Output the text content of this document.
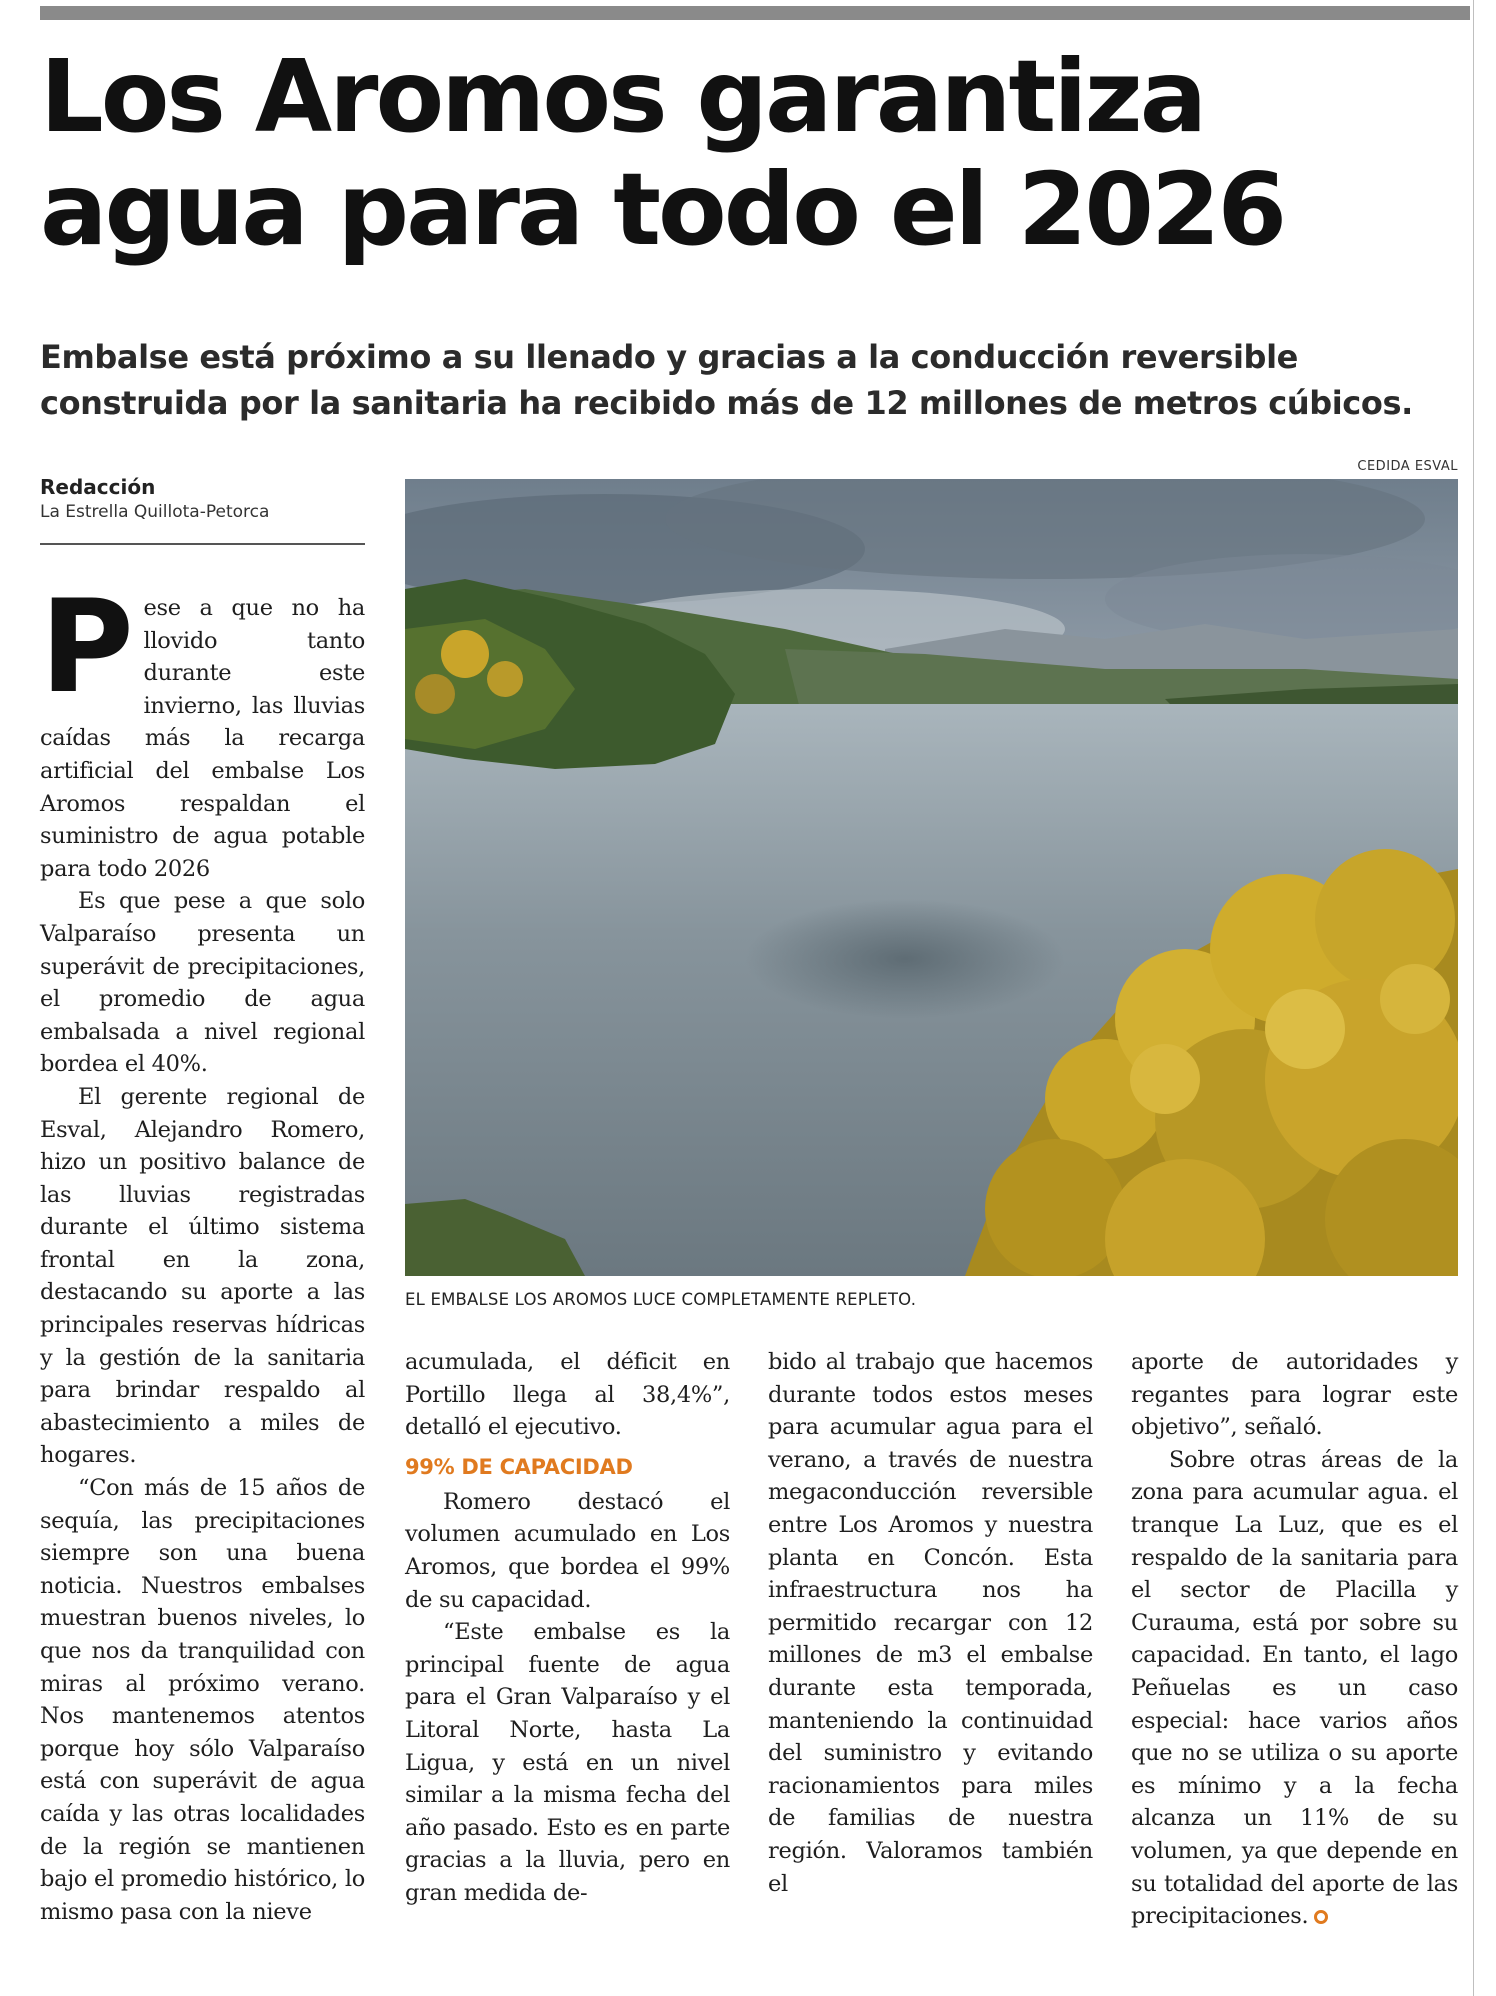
Los Aromos garantiza
agua para todo el 2026

Embalse está próximo a su llenado y gracias a la conducción reversible
construida por la sanitaria ha recibido más de 12 millones de metros cúbicos.

Redacción
La Estrella Quillota-Petorca
CEDIDA ESVAL
EL EMBALSE LOS AROMOS LUCE COMPLETAMENTE REPLETO.

Pese a que no ha llovido tanto durante este invierno, las lluvias caídas más la recarga artificial del embalse Los Aromos respaldan el suministro de agua potable para todo 2026

Es que pese a que solo Valparaíso presenta un superávit de precipitaciones, el promedio de agua embalsada a nivel regional bordea el 40%.

El gerente regional de Esval, Alejandro Romero, hizo un positivo balance de las lluvias registradas durante el último sistema frontal en la zona, destacando su aporte a las principales reservas hídricas y la gestión de la sanitaria para brindar respaldo al abastecimiento a miles de hogares.

“Con más de 15 años de sequía, las precipitaciones siempre son una buena noticia. Nuestros embalses muestran buenos niveles, lo que nos da tranquilidad con miras al próximo verano. Nos mantenemos atentos porque hoy sólo Valparaíso está con superávit de agua caída y las otras localidades de la región se mantienen bajo el promedio histórico, lo mismo pasa con la nieve

acumulada, el déficit en Portillo llega al 38,4%”, detalló el ejecutivo.

99% DE CAPACIDAD

Romero destacó el volumen acumulado en Los Aromos, que bordea el 99% de su capacidad.

“Este embalse es la principal fuente de agua para el Gran Valparaíso y el Litoral Norte, hasta La Ligua, y está en un nivel similar a la misma fecha del año pasado. Esto es en parte gracias a la lluvia, pero en gran medida de-

bido al trabajo que hacemos durante todos estos meses para acumular agua para el verano, a través de nuestra megaconducción reversible entre Los Aromos y nuestra planta en Concón. Esta infraestructura nos ha permitido recargar con 12 millones de m3 el embalse durante esta temporada, manteniendo la continuidad del suministro y evitando racionamientos para miles de familias de nuestra región. Valoramos también el

aporte de autoridades y regantes para lograr este objetivo”, señaló.

Sobre otras áreas de la zona para acumular agua. el tranque La Luz, que es el respaldo de la sanitaria para el sector de Placilla y Curauma, está por sobre su capacidad. En tanto, el lago Peñuelas es un caso especial: hace varios años que no se utiliza o su aporte es mínimo y a la fecha alcanza un 11% de su volumen, ya que depende en su totalidad del aporte de las precipitaciones.
